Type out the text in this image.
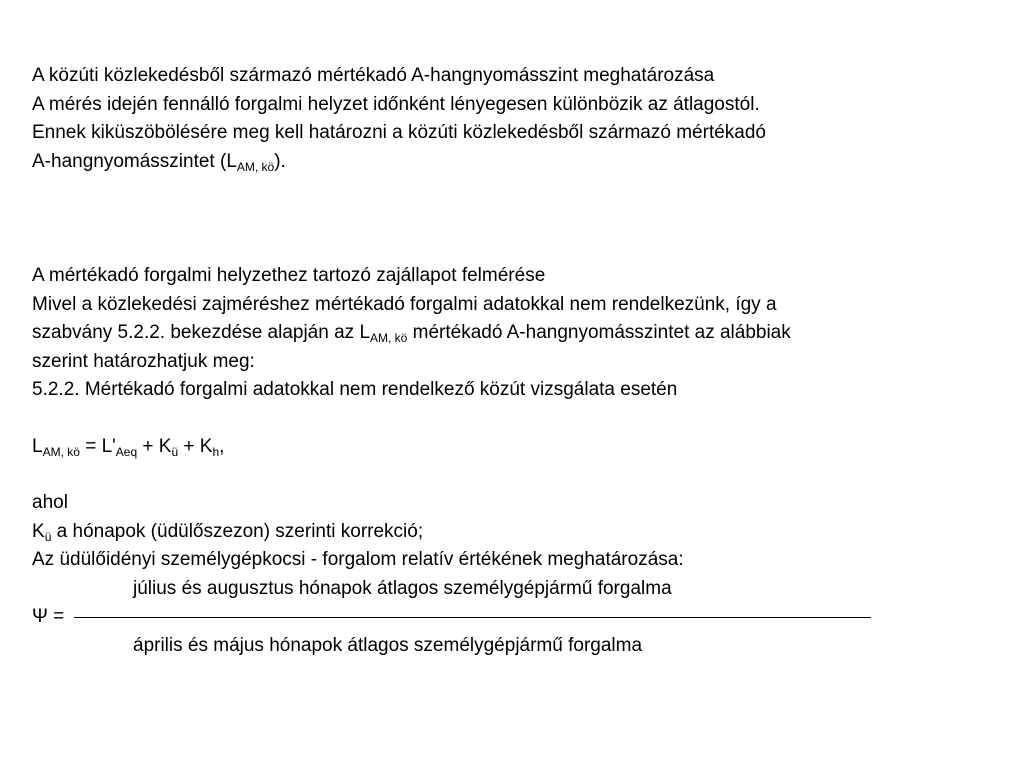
A közúti közlekedésből származó mértékadó A-hangnyomásszint meghatározása
A mérés idején fennálló forgalmi helyzet időnként lényegesen különbözik az átlagostól.
Ennek kiküszöbölésére meg kell határozni a közúti közlekedésből származó mértékadó
A-hangnyomásszintet $(L_{AM, kö})$.
A mértékadó forgalmi helyzethez tartozó zajállapot felmérése
Mivel a közlekedési zajméréshez mértékadó forgalmi adatokkal nem rendelkezünk, így a
szabvány 5.2.2. bekezdése alapján az $L_{AM, kö}$ mértékadó A-hangnyomásszintet az alábbiak
szerint határozhatjuk meg:
5.2.2. Mértékadó forgalmi adatokkal nem rendelkező közút vizsgálata esetén
$L_{AM, kö} = L'_{Aeq} + K_ü + K_h$,
ahol
$K_ü$ a hónapok (üdülőszezon) szerinti korrekció;
Az üdülőidényi személygépkocsi - forgalom relatív értékének meghatározása:
július és augusztus hónapok átlagos személygépjármű forgalma
Ψ =
április és május hónapok átlagos személygépjármű forgalma
